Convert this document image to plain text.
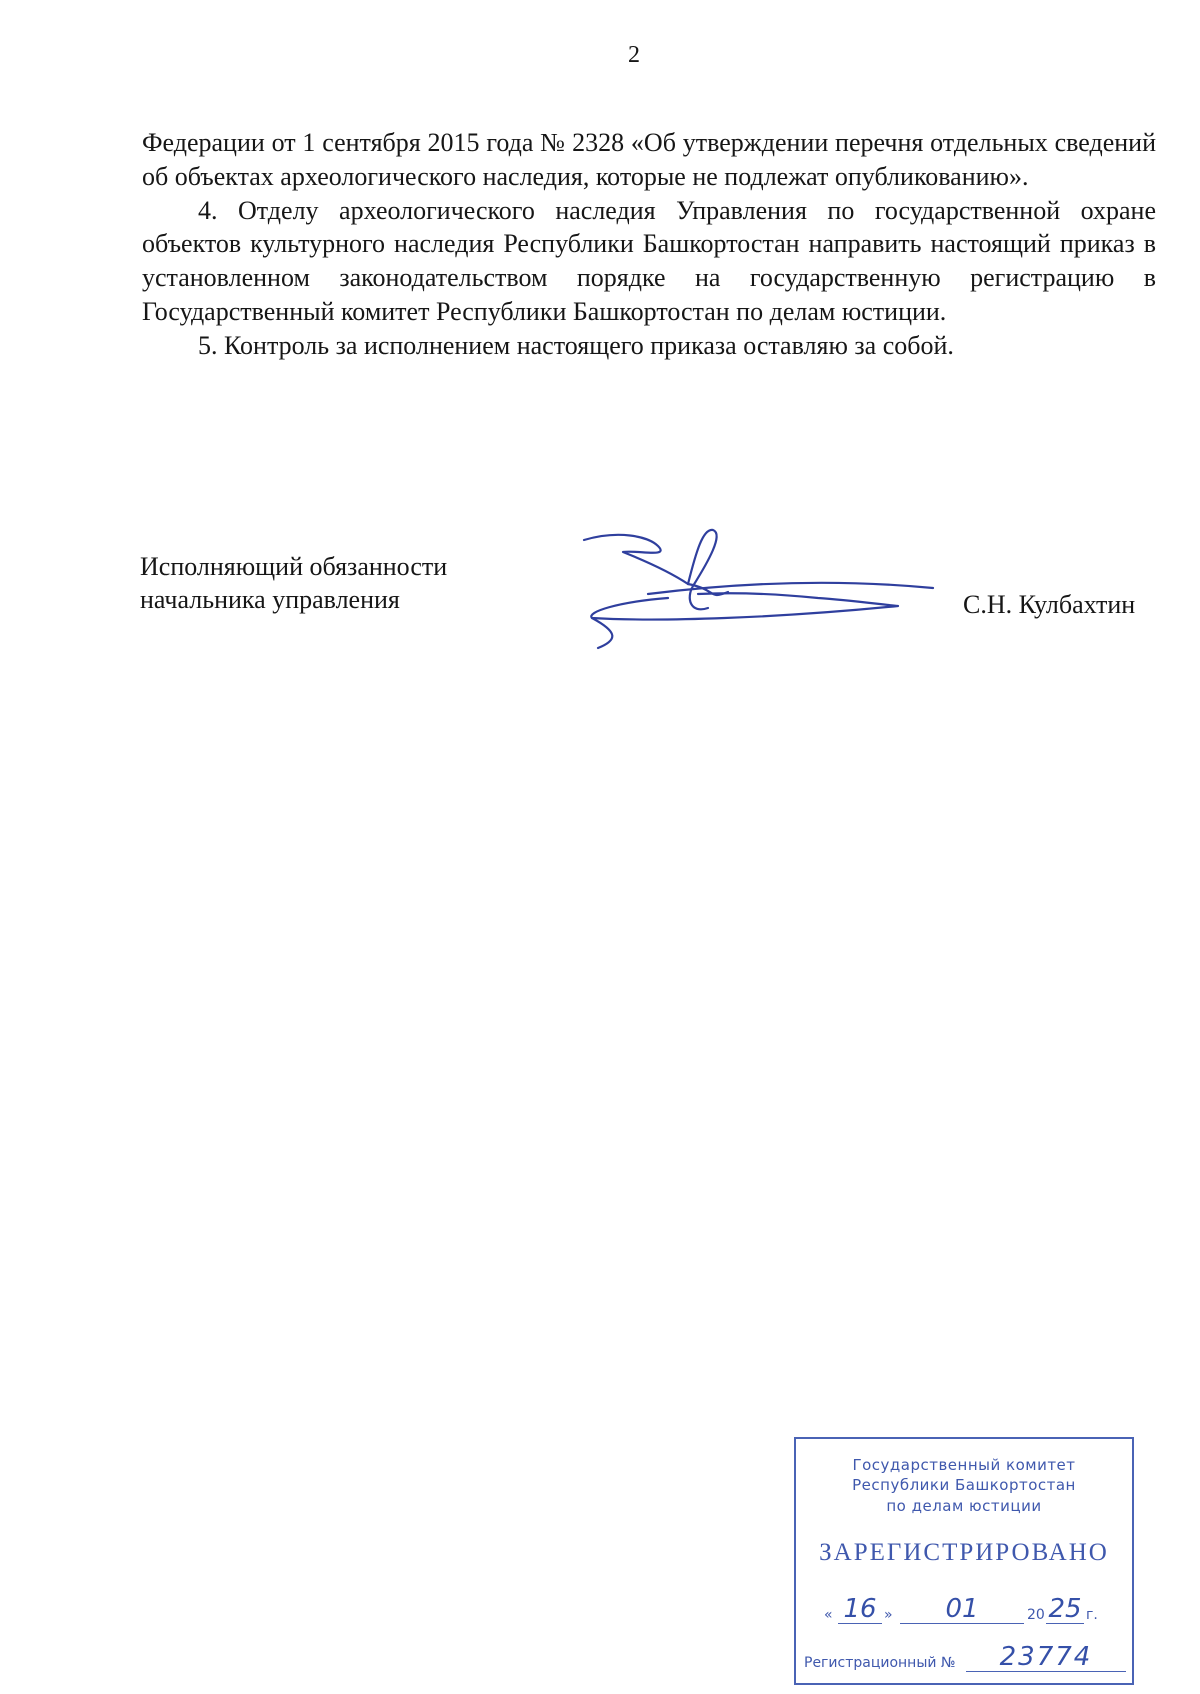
2

Федерации от 1 сентября 2015 года № 2328 «Об утверждении перечня отдельных сведений об объектах археологического наследия, которые не подлежат опубликованию».

4. Отделу археологического наследия Управления по государственной охране объектов культурного наследия Республики Башкортостан направить настоящий приказ в установленном законодательством порядке на государственную регистрацию в Государственный комитет Республики Башкортостан по делам юстиции.

5. Контроль за исполнением настоящего приказа оставляю за собой.

Исполняющий обязанности
начальника управления	С.Н. Кулбахтин
Государственный комитет
Республики Башкортостан
по делам юстиции
ЗАРЕГИСТРИРОВАНО
« 16 »	01	20 25 г.
Регистрационный №	23774
